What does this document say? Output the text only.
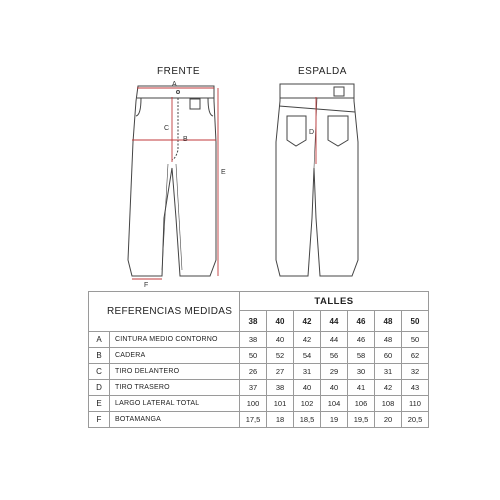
FRENTE	ESPALDA
A
C
B
E
F
D
REFERENCIAS MEDIDAS		TALLES						
		38	40	42	44	46	48	50
A	CINTURA MEDIO CONTORNO	38	40	42	44	46	48	50
B	CADERA	50	52	54	56	58	60	62
C	TIRO DELANTERO	26	27	31	29	30	31	32
D	TIRO TRASERO	37	38	40	40	41	42	43
E	LARGO LATERAL TOTAL	100	101	102	104	106	108	110
F	BOTAMANGA	17,5	18	18,5	19	19,5	20	20,5
